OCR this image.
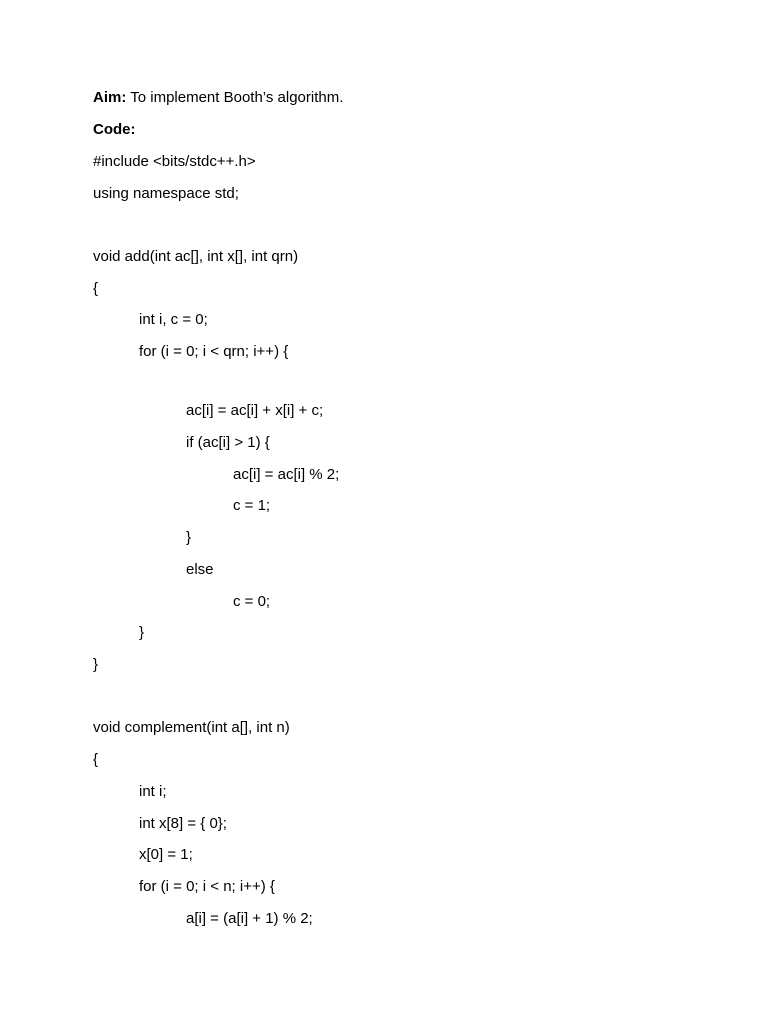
Aim: To implement Booth’s algorithm.
Code:
#include <bits/stdc++.h>
using namespace std;
void add(int ac[], int x[], int qrn)
{
int i, c = 0;
for (i = 0; i < qrn; i++) {
ac[i] = ac[i] + x[i] + c;
if (ac[i] > 1) {
ac[i] = ac[i] % 2;
c = 1;
}
else
c = 0;
}
}
void complement(int a[], int n)
{
int i;
int x[8] = { 0};
x[0] = 1;
for (i = 0; i < n; i++) {
a[i] = (a[i] + 1) % 2;
